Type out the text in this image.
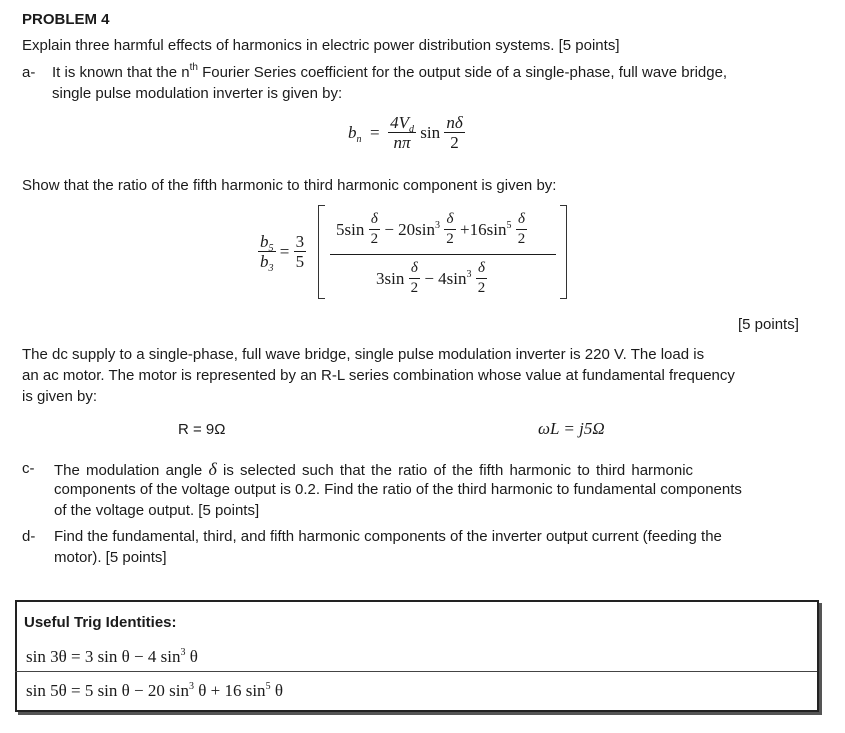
PROBLEM 4
Explain three harmful effects of harmonics in electric power distribution systems. [5 points]
a- It is known that the $n^{th}$ Fourier Series coefficient for the output side of a single-phase, full wave bridge,
single pulse modulation inverter is given by:
$b_n = \frac{4V_d}{n\pi}$ $\sin \frac{n\delta}{2}$
Show that the ratio of the fifth harmonic to third harmonic component is given by:
$\frac{b_5}{b_3} = \frac{3}{5}$
$5\sin \frac{\delta}{2} - 20\sin^3 \frac{\delta}{2} +16\sin^5 \frac{\delta}{2}$
$3\sin \frac{\delta}{2} - 4\sin^3 \frac{\delta}{2}$
[5 points]
The dc supply to a single-phase, full wave bridge, single pulse modulation inverter is 220 V. The load is
an ac motor. The motor is represented by an R-L series combination whose value at fundamental frequency
is given by:
R = 9Ω	ωL = j5Ω
c- The modulation angle δ is selected such that the ratio of the fifth harmonic to third harmonic
components of the voltage output is 0.2. Find the ratio of the third harmonic to fundamental components
of the voltage output. [5 points]
d- Find the fundamental, third, and fifth harmonic components of the inverter output current (feeding the
motor). [5 points]
Useful Trig Identities:
sin 3θ = 3 sin θ − 4 $\sin^3 \theta$
sin 5θ = 5 sin θ − 20 $\sin^3 \theta + 16$ $\sin^5 \theta$
